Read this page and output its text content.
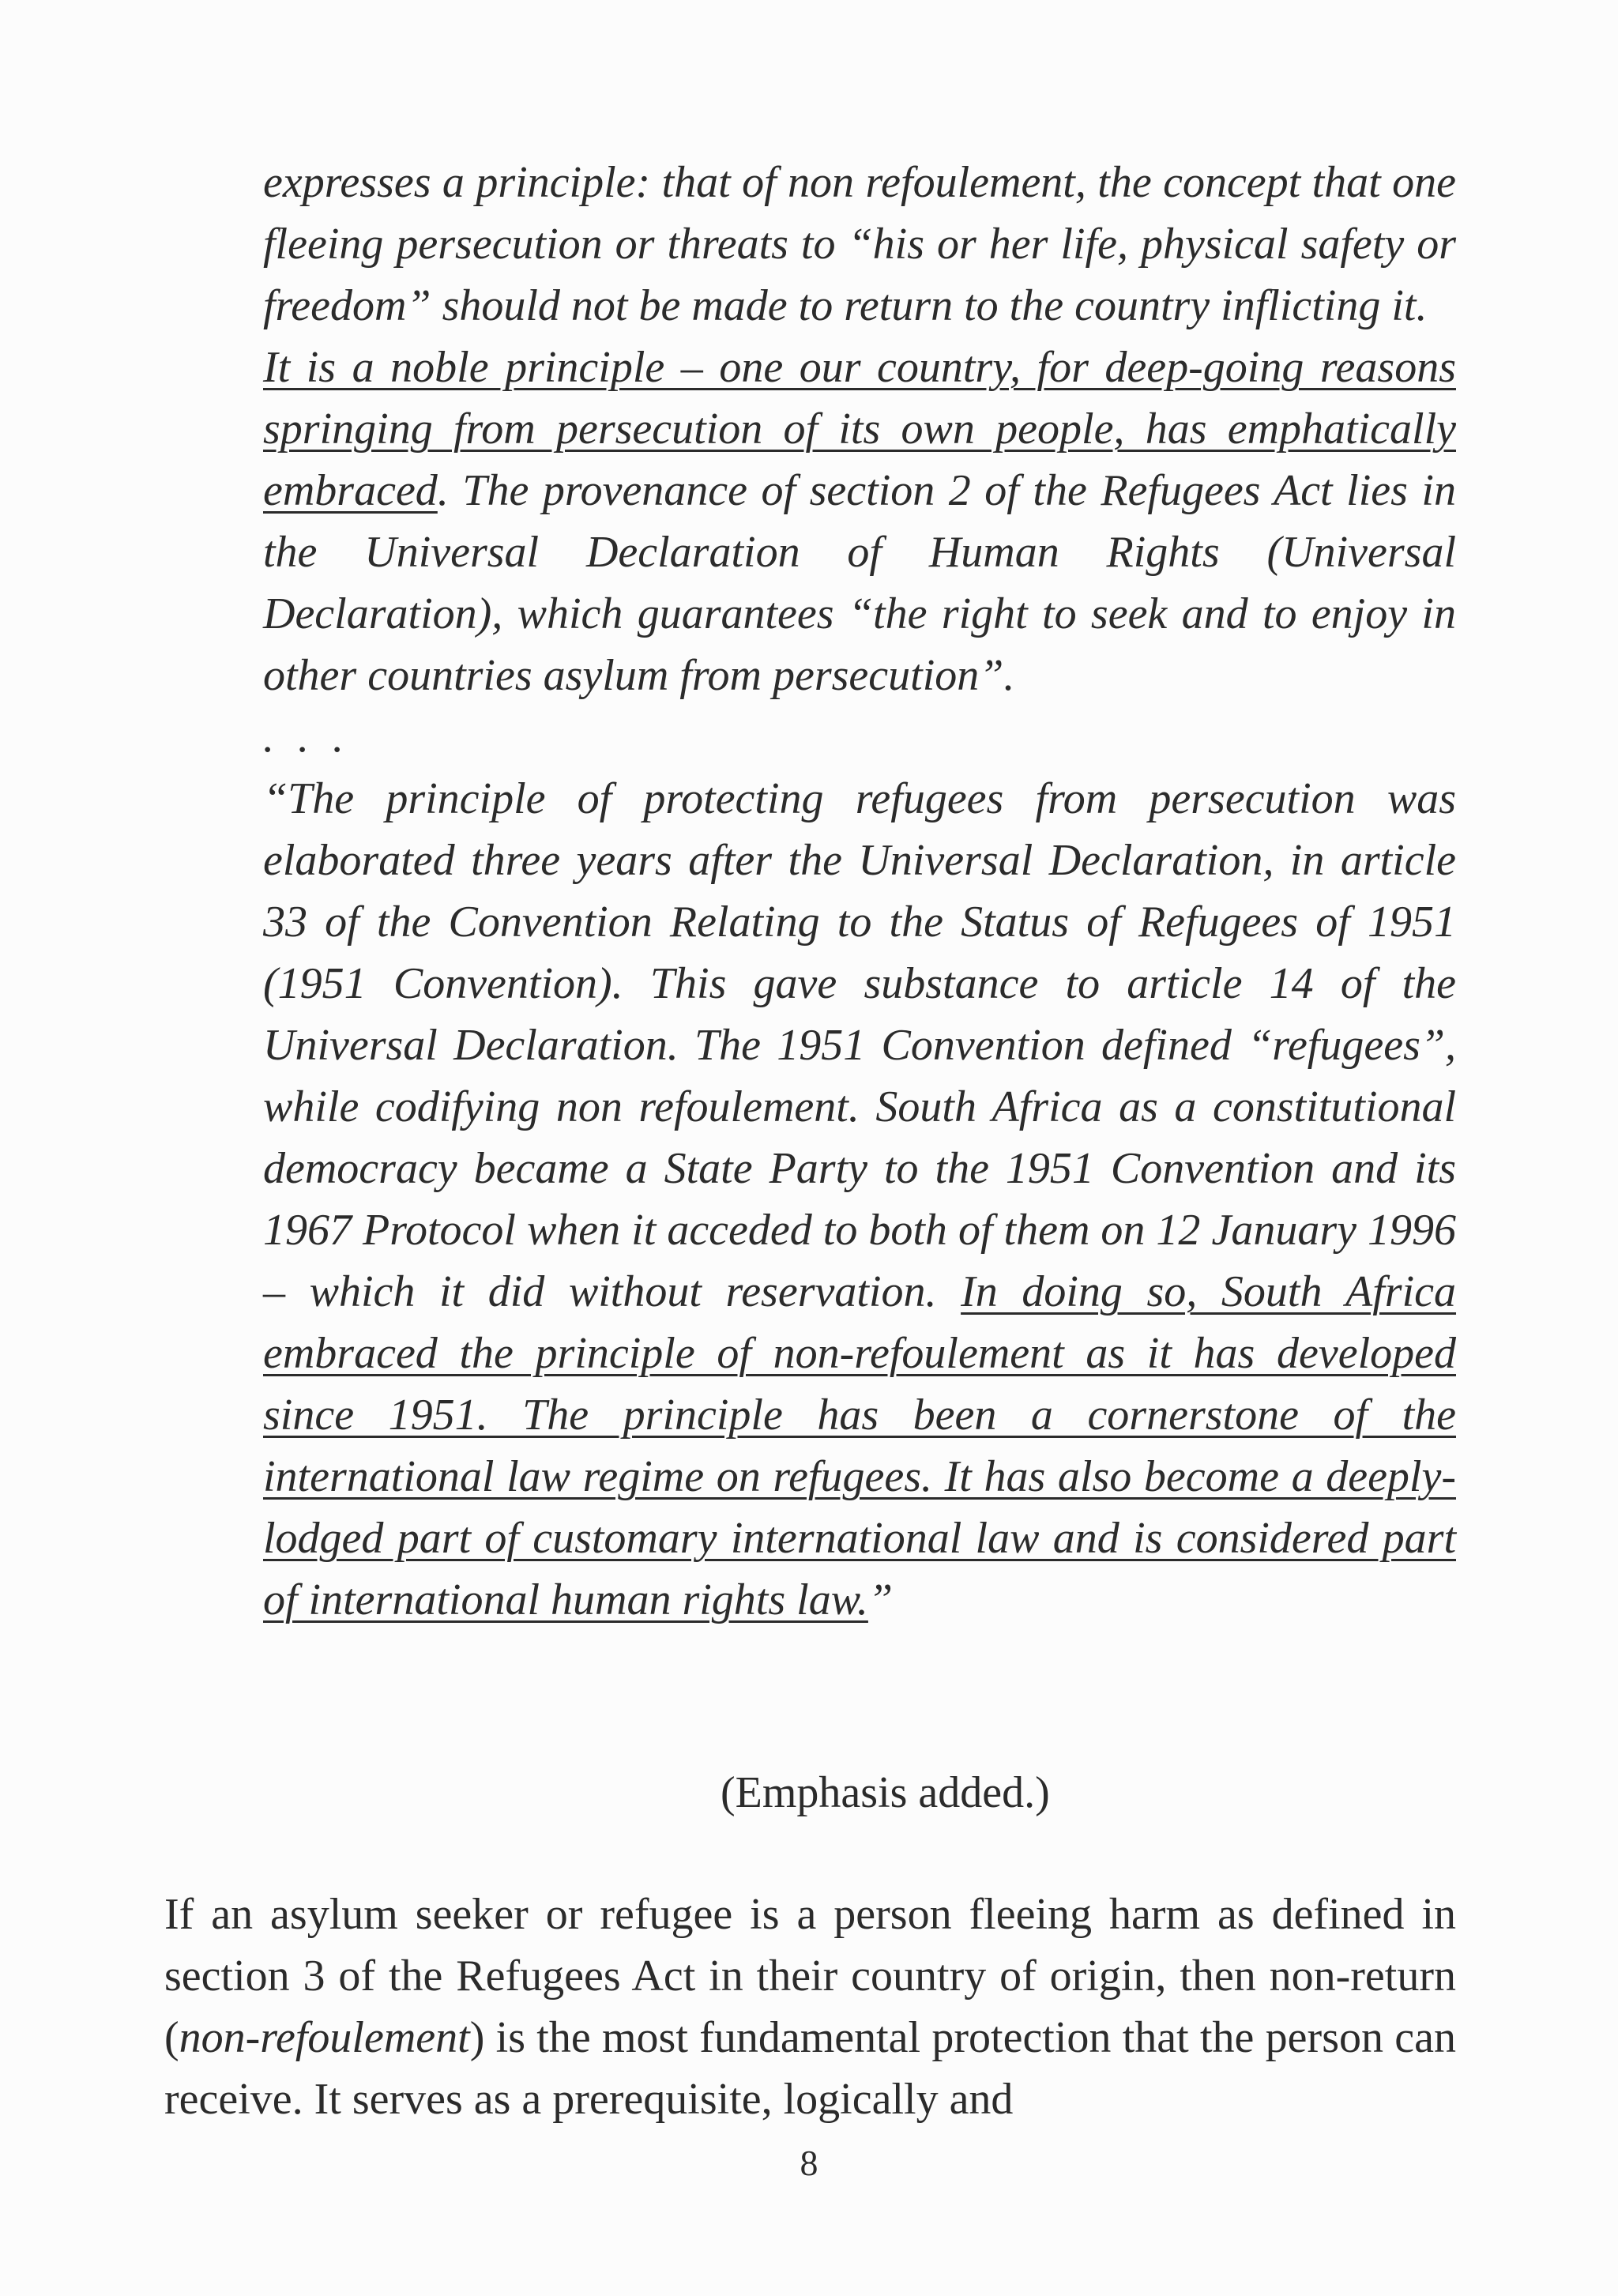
expresses a principle: that of non refoulement, the concept that one fleeing persecution or threats to “his or her life, physical safety or freedom” should not be made to return to the country inflicting it.

It is a noble principle – one our country, for deep-going reasons springing from persecution of its own people, has emphatically embraced. The provenance of section 2 of the Refugees Act lies in the Universal Declaration of Human Rights (Universal Declaration), which guarantees “the right to seek and to enjoy in other countries asylum from persecution”.

. . .

“The principle of protecting refugees from persecution was elaborated three years after the Universal Declaration, in article 33 of the Convention Relating to the Status of Refugees of 1951 (1951 Convention). This gave substance to article 14 of the Universal Declaration. The 1951 Convention defined “refugees”, while codifying non refoulement. South Africa as a constitutional democracy became a State Party to the 1951 Convention and its 1967 Protocol when it acceded to both of them on 12 January 1996 – which it did without reservation. In doing so, South Africa embraced the principle of non-refoulement as it has developed since 1951. The principle has been a cornerstone of the international law regime on refugees. It has also become a deeply-lodged part of customary international law and is considered part of international human rights law.”

(Emphasis added.)

If an asylum seeker or refugee is a person fleeing harm as defined in section 3 of the Refugees Act in their country of origin, then non-return (non-refoulement) is the most fundamental protection that the person can receive. It serves as a prerequisite, logically and

8
